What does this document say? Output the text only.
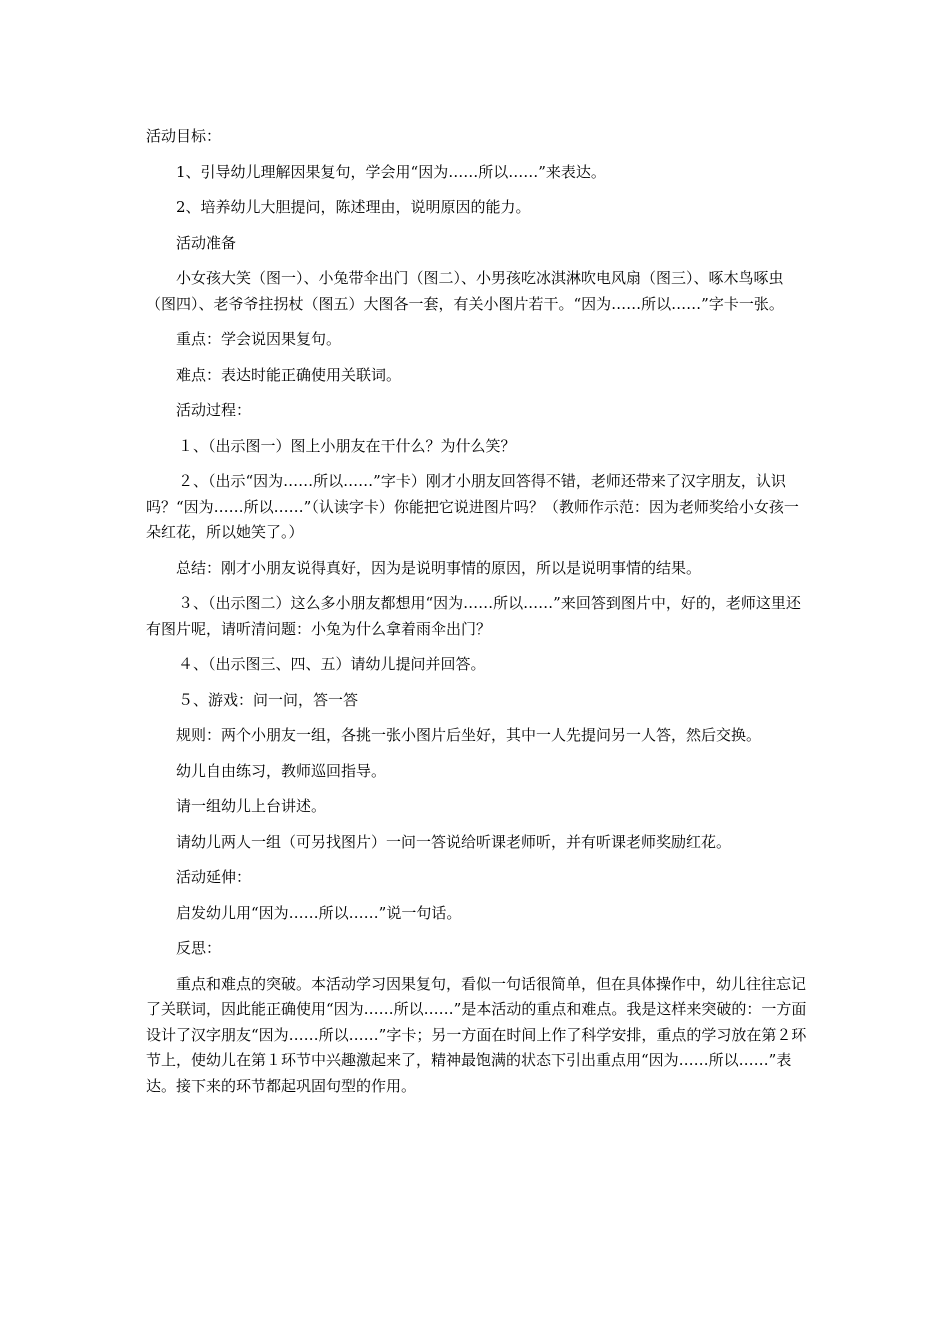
活动目标：

1、引导幼儿理解因果复句，学会用“因为……所以……”来表达。

2、培养幼儿大胆提问，陈述理由，说明原因的能力。

活动准备

小女孩大笑（图一）、小兔带伞出门（图二）、小男孩吃冰淇淋吹电风扇（图三）、啄木鸟啄虫（图四）、老爷爷拄拐杖（图五）大图各一套，有关小图片若干。“因为……所以……”字卡一张。

重点：学会说因果复句。

难点：表达时能正确使用关联词。

活动过程：

１、（出示图一）图上小朋友在干什么？为什么笑？

２、（出示“因为……所以……”字卡）刚才小朋友回答得不错，老师还带来了汉字朋友，认识吗？“因为……所以……”（认读字卡）你能把它说进图片吗？（教师作示范：因为老师奖给小女孩一朵红花，所以她笑了。）

总结：刚才小朋友说得真好，因为是说明事情的原因，所以是说明事情的结果。

３、（出示图二）这么多小朋友都想用“因为……所以……”来回答到图片中，好的，老师这里还有图片呢，请听清问题：小兔为什么拿着雨伞出门？

４、（出示图三、四、五）请幼儿提问并回答。

５、游戏：问一问，答一答

规则：两个小朋友一组，各挑一张小图片后坐好，其中一人先提问另一人答，然后交换。

幼儿自由练习，教师巡回指导。

请一组幼儿上台讲述。

请幼儿两人一组（可另找图片）一问一答说给听课老师听，并有听课老师奖励红花。

活动延伸：

启发幼儿用“因为……所以……”说一句话。

反思：

重点和难点的突破。本活动学习因果复句，看似一句话很简单，但在具体操作中，幼儿往往忘记了关联词，因此能正确使用“因为……所以……”是本活动的重点和难点。我是这样来突破的：一方面设计了汉字朋友“因为……所以……”字卡；另一方面在时间上作了科学安排，重点的学习放在第２环节上，使幼儿在第１环节中兴趣激起来了，精神最饱满的状态下引出重点用“因为……所以……”表达。接下来的环节都起巩固句型的作用。
